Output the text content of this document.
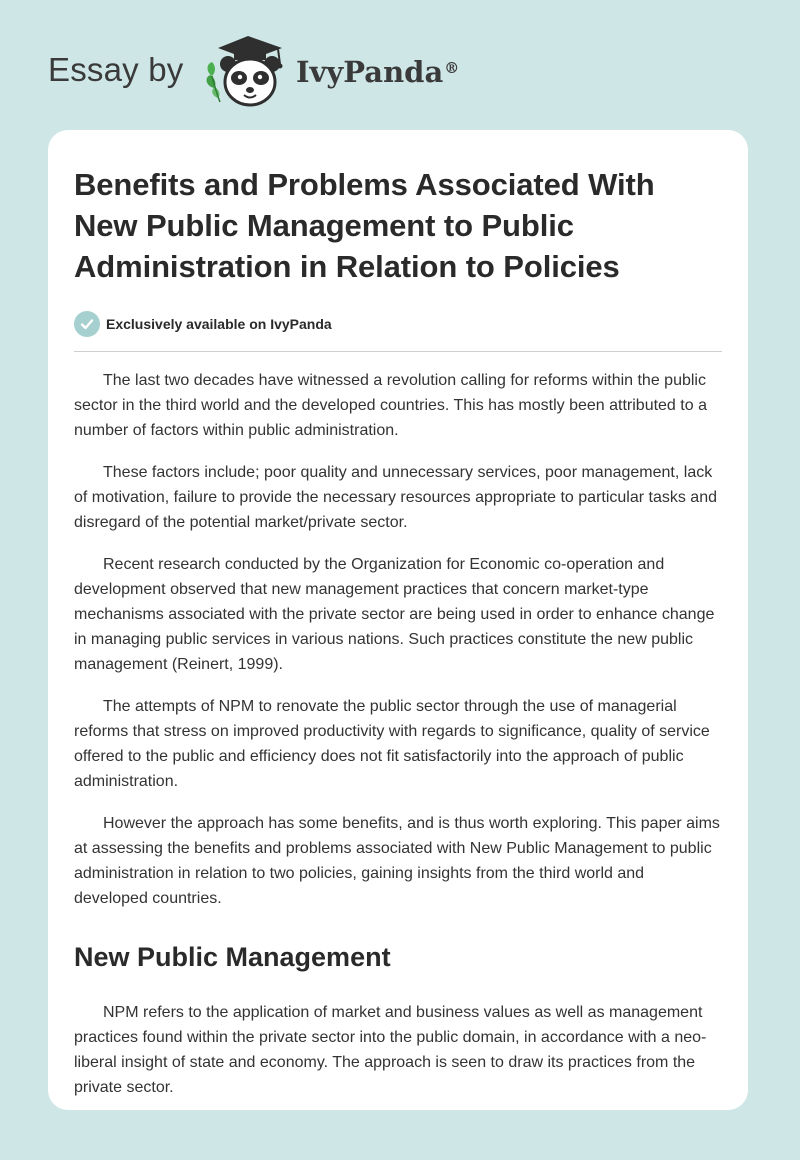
Essay by	IvyPanda®
Benefits and Problems Associated With New Public Management to Public Administration in Relation to Policies
Exclusively available on IvyPanda

The last two decades have witnessed a revolution calling for reforms within the public sector in the third world and the developed countries. This has mostly been attributed to a number of factors within public administration.

These factors include; poor quality and unnecessary services, poor management, lack of motivation, failure to provide the necessary resources appropriate to particular tasks and disregard of the potential market/private sector.

Recent research conducted by the Organization for Economic co-operation and development observed that new management practices that concern market-type mechanisms associated with the private sector are being used in order to enhance change in managing public services in various nations. Such practices constitute the new public management (Reinert, 1999).

The attempts of NPM to renovate the public sector through the use of managerial reforms that stress on improved productivity with regards to significance, quality of service offered to the public and efficiency does not fit satisfactorily into the approach of public administration.

However the approach has some benefits, and is thus worth exploring. This paper aims at assessing the benefits and problems associated with New Public Management to public administration in relation to two policies, gaining insights from the third world and developed countries.

New Public Management

NPM refers to the application of market and business values as well as management practices found within the private sector into the public domain, in accordance with a neo-liberal insight of state and economy. The approach is seen to draw its practices from the private sector.
